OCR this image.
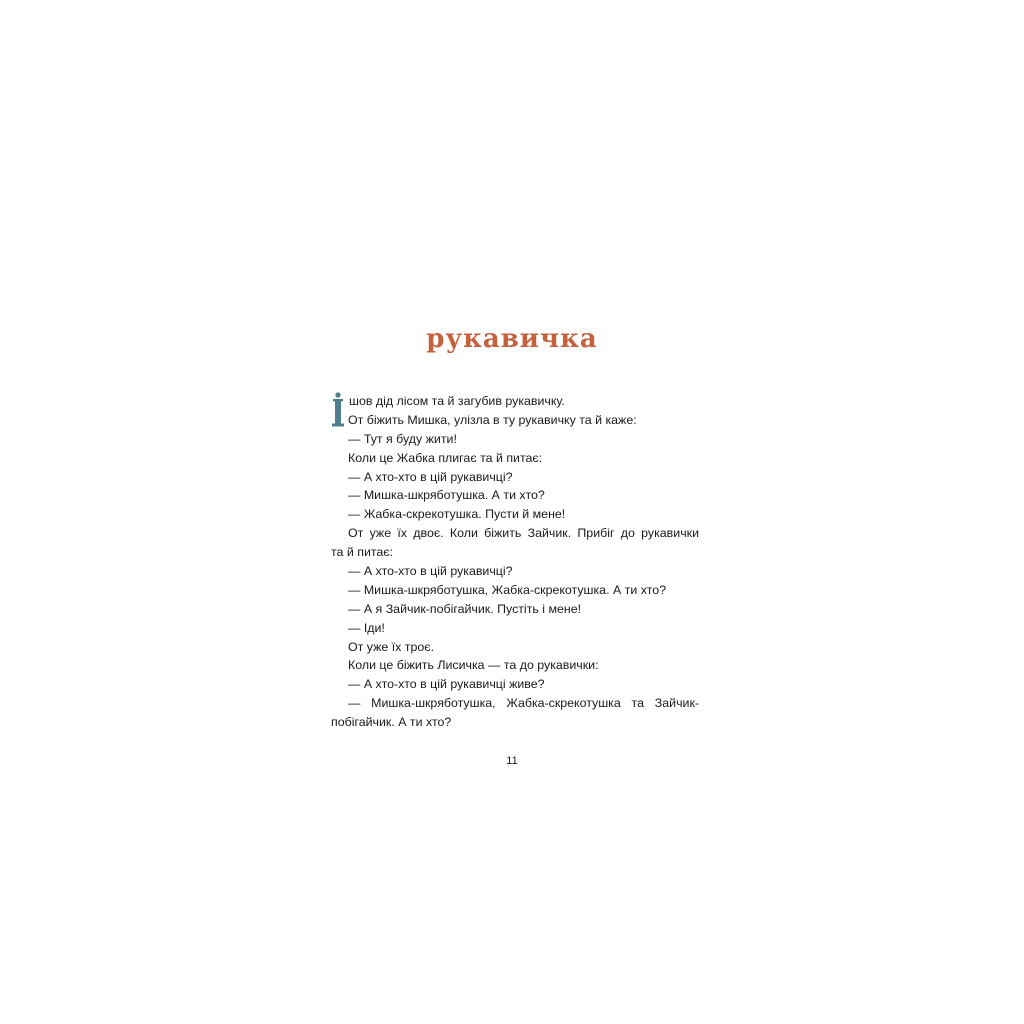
рукавичка
І
шов дід лісом та й загубив рукавичку.
От біжить Мишка, улізла в ту рукавичку та й каже:
— Тут я буду жити!
Коли це Жабка плигає та й питає:
— А хто-хто в цій рукавичці?
— Мишка-шкряботушка. А ти хто?
— Жабка-скрекотушка. Пусти й мене!
От уже їх двоє. Коли біжить Зайчик. Прибіг до рукавички
та й питає:
— А хто-хто в цій рукавичці?
— Мишка-шкряботушка, Жабка-скрекотушка. А ти хто?
— А я Зайчик-побігайчик. Пустіть і мене!
— Іди!
От уже їх троє.
Коли це біжить Лисичка — та до рукавички:
— А хто-хто в цій рукавичці живе?
— Мишка-шкряботушка, Жабка-скрекотушка та Зайчик-
побігайчик. А ти хто?
11
